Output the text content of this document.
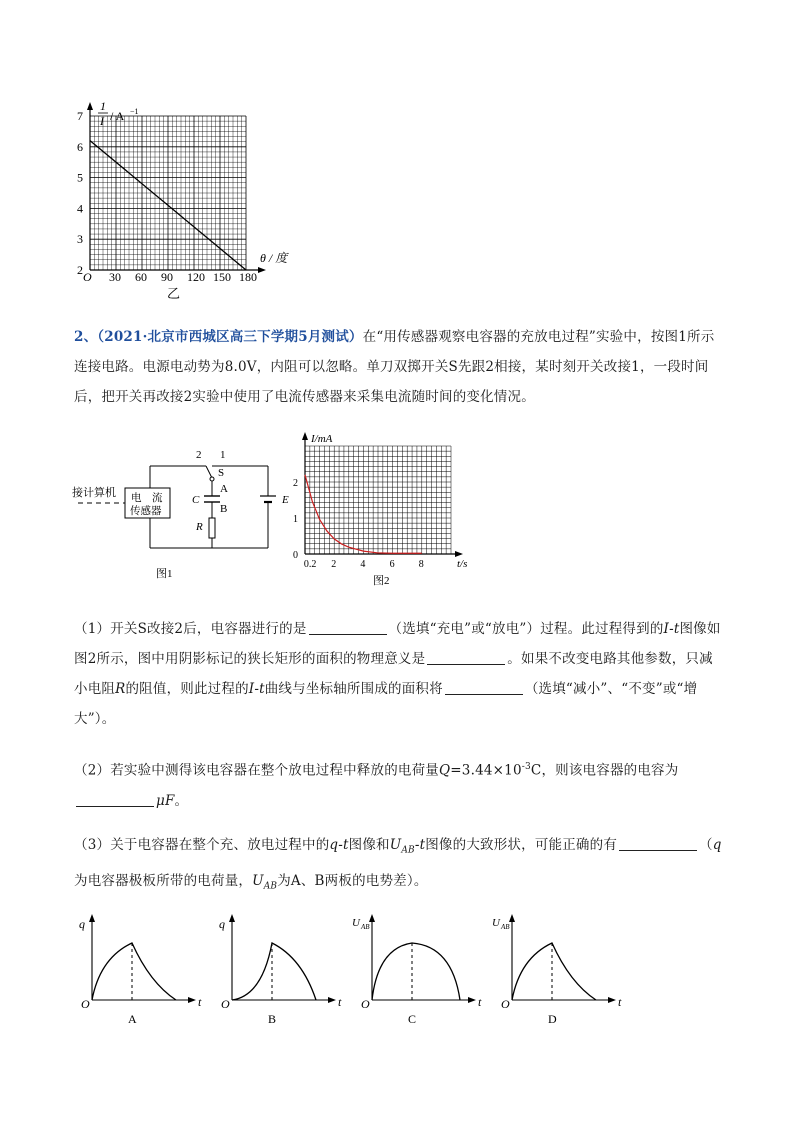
1
I / A −1
θ / 度
O 30 60 90 120 150 180
2
3
4
5
6
7
乙
2、（2021·北京市西城区高三下学期5月测试）在“用传感器观察电容器的充放电过程”实验中，按图1所示连接电路。电源电动势为8.0V，内阻可以忽略。单刀双掷开关S先跟2相接，某时刻开关改接1，一段时间后，把开关再改接2实验中使用了电流传感器来采集电流随时间的变化情况。
接计算机 电　流
传感器
2 1
S
A
B
C
R
E
图1
I/mA
t/s
0.2 2 4 6 8
0
1
2
图2
（1）开关S改接2后，电容器进行的是	（选填“充电”或“放电”）过程。此过程得到的I-t图像如图2所示，图中用阴影标记的狭长矩形的面积的物理意义是	。如果不改变电路其他参数，只减小电阻R的阻值，则此过程的I-t曲线与坐标轴所围成的面积将	（选填“减小”、“不变”或“增大”）。
（2）若实验中测得该电容器在整个放电过程中释放的电荷量$Q=3.44\times 10^{-3}C$，则该电容器的电容为
μF。
（3）关于电容器在整个充、放电过程中的q-t图像和$U_{AB}-t$图像的大致形状，可能正确的有	（q为电容器极板所带的电荷量，$U_{AB}$为A、B两板的电势差）。
q
t
O
A
q
t
O
B
U AB
t
O
C
U AB
t
O
D
